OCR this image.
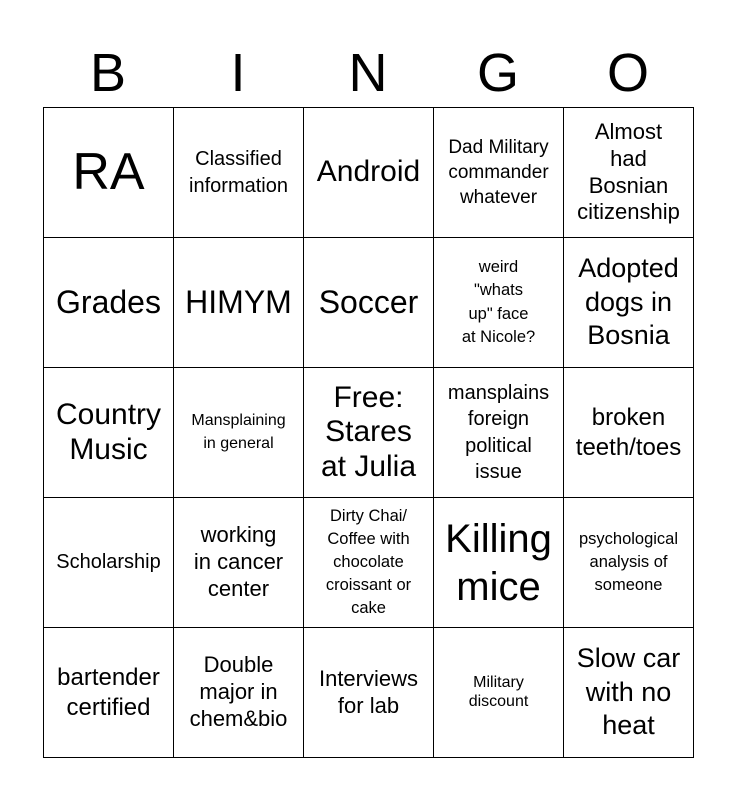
B	I	N	G	O
RA	Classified
information Android
Dad Military
commander
whatever
Almost
had
Bosnian
citizenship
Grades HIMYM Soccer
weird
"whats
up" face
at Nicole?
Adopted
dogs in
Bosnia
Country
Music
Mansplaining
in general
Free:
Stares
at Julia
mansplains
foreign
political
issue
broken
teeth/toes
Scholarship
working
in cancer
center
Dirty Chai/
Coffee with
chocolate
croissant or
cake
Killing
mice
psychological
analysis of
someone
bartender
certified
Double
major in
chem&bio
Interviews
for lab
Military
discount
Slow car
with no
heat
